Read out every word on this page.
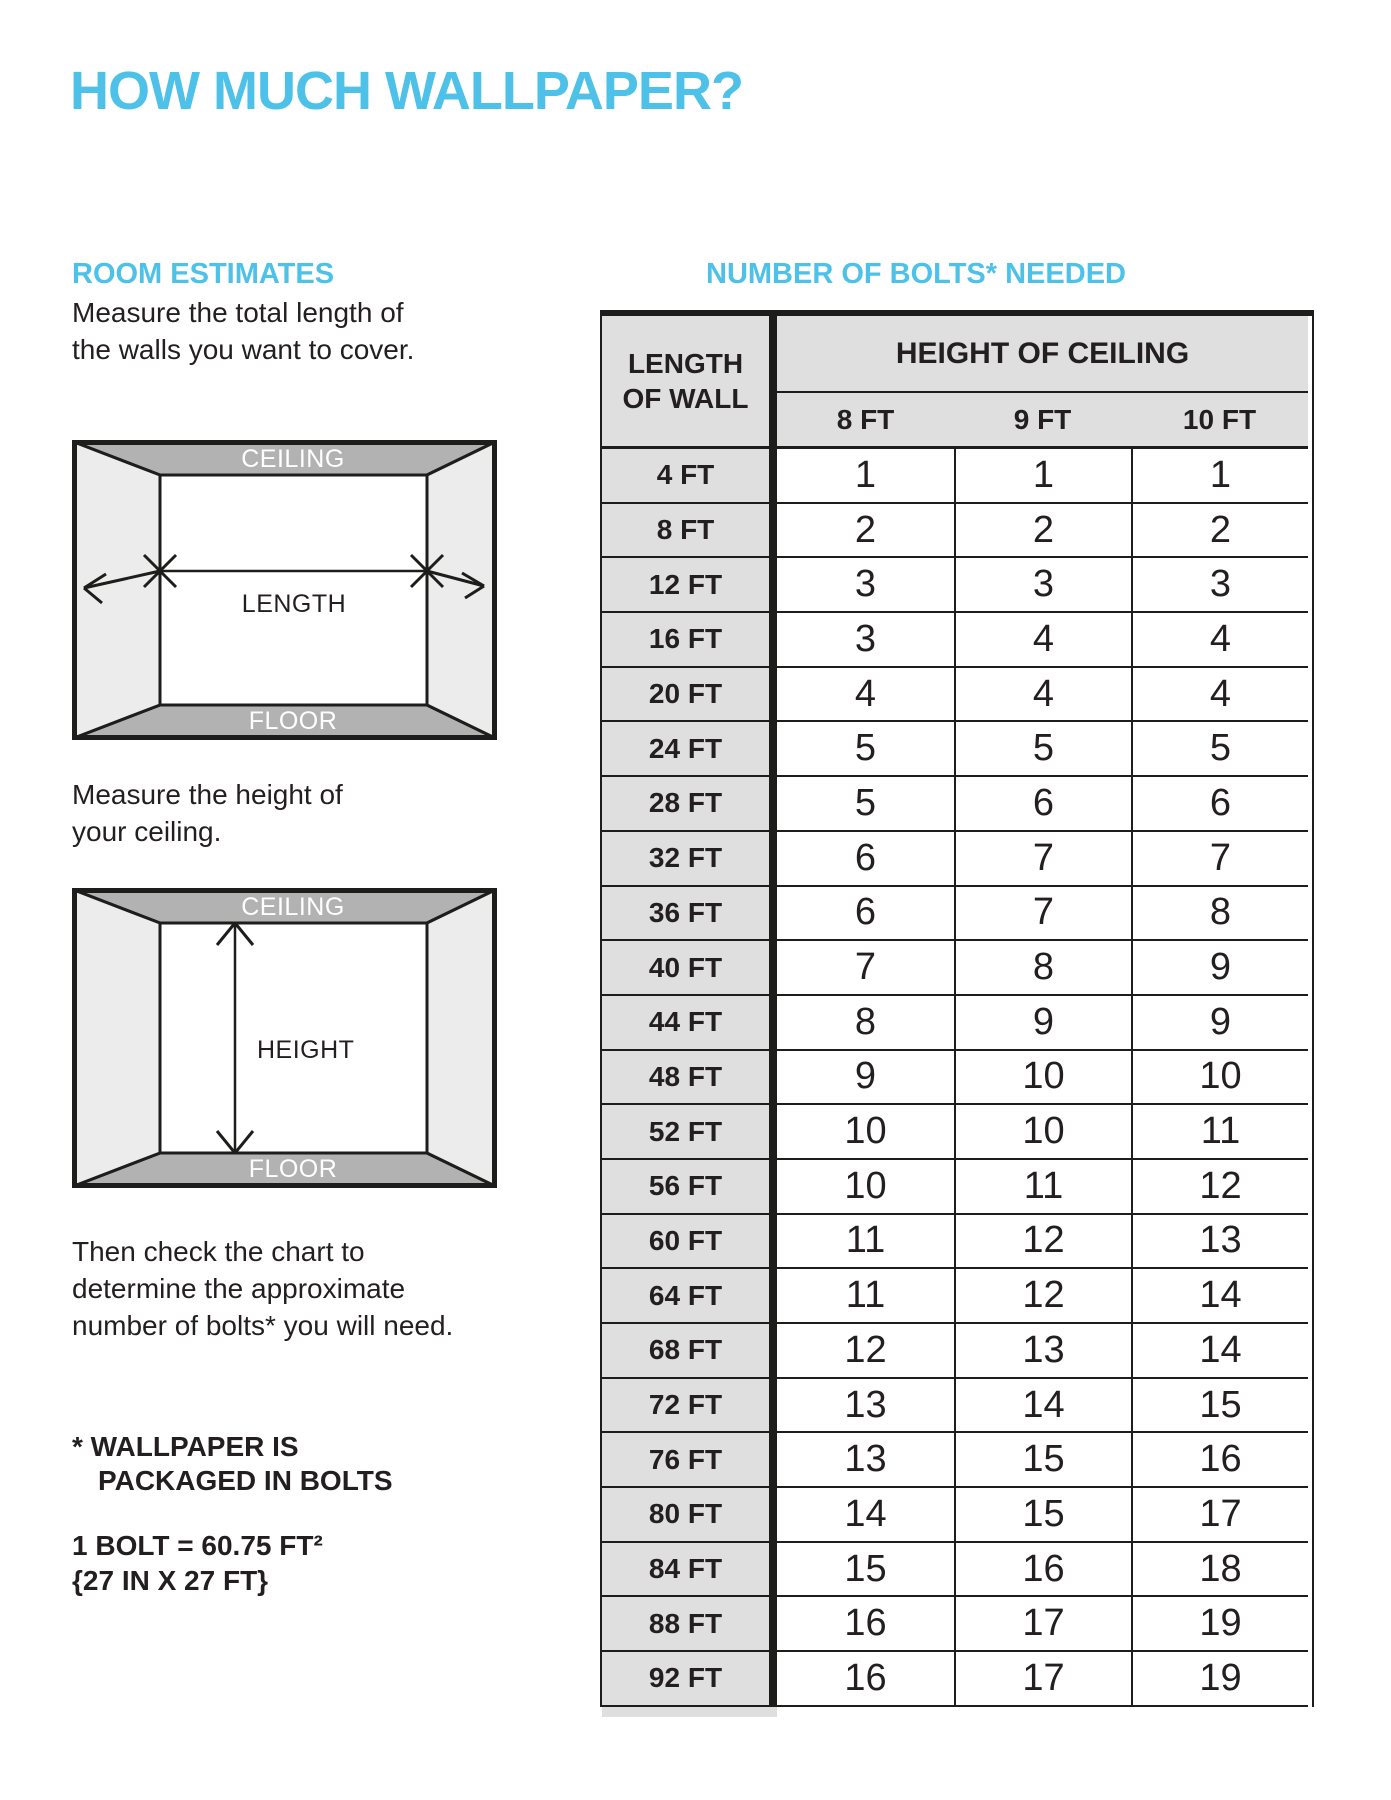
HOW MUCH WALLPAPER?
ROOM ESTIMATES
Measure the total length of
the walls you want to cover.
CEILING
LENGTH
FLOOR
Measure the height of
your ceiling.
CEILING
HEIGHT
FLOOR
Then check the chart to
determine the approximate
number of bolts* you will need.
* WALLPAPER IS
PACKAGED IN BOLTS
1 BOLT = 60.75 FT²
{27 IN X 27 FT}
NUMBER OF BOLTS* NEEDED
LENGTH
OF WALL
HEIGHT OF CEILING
8 FT	9 FT	10 FT
4 FT	1	1	1
8 FT	2	2	2
12 FT	3	3	3
16 FT	3	4	4
20 FT	4	4	4
24 FT	5	5	5
28 FT	5	6	6
32 FT	6	7	7
36 FT	6	7	8
40 FT	7	8	9
44 FT	8	9	9
48 FT	9	10	10
52 FT	10	10	11
56 FT	10	11	12
60 FT	11	12	13
64 FT	11	12	14
68 FT	12	13	14
72 FT	13	14	15
76 FT	13	15	16
80 FT	14	15	17
84 FT	15	16	18
88 FT	16	17	19
92 FT	16	17	19
